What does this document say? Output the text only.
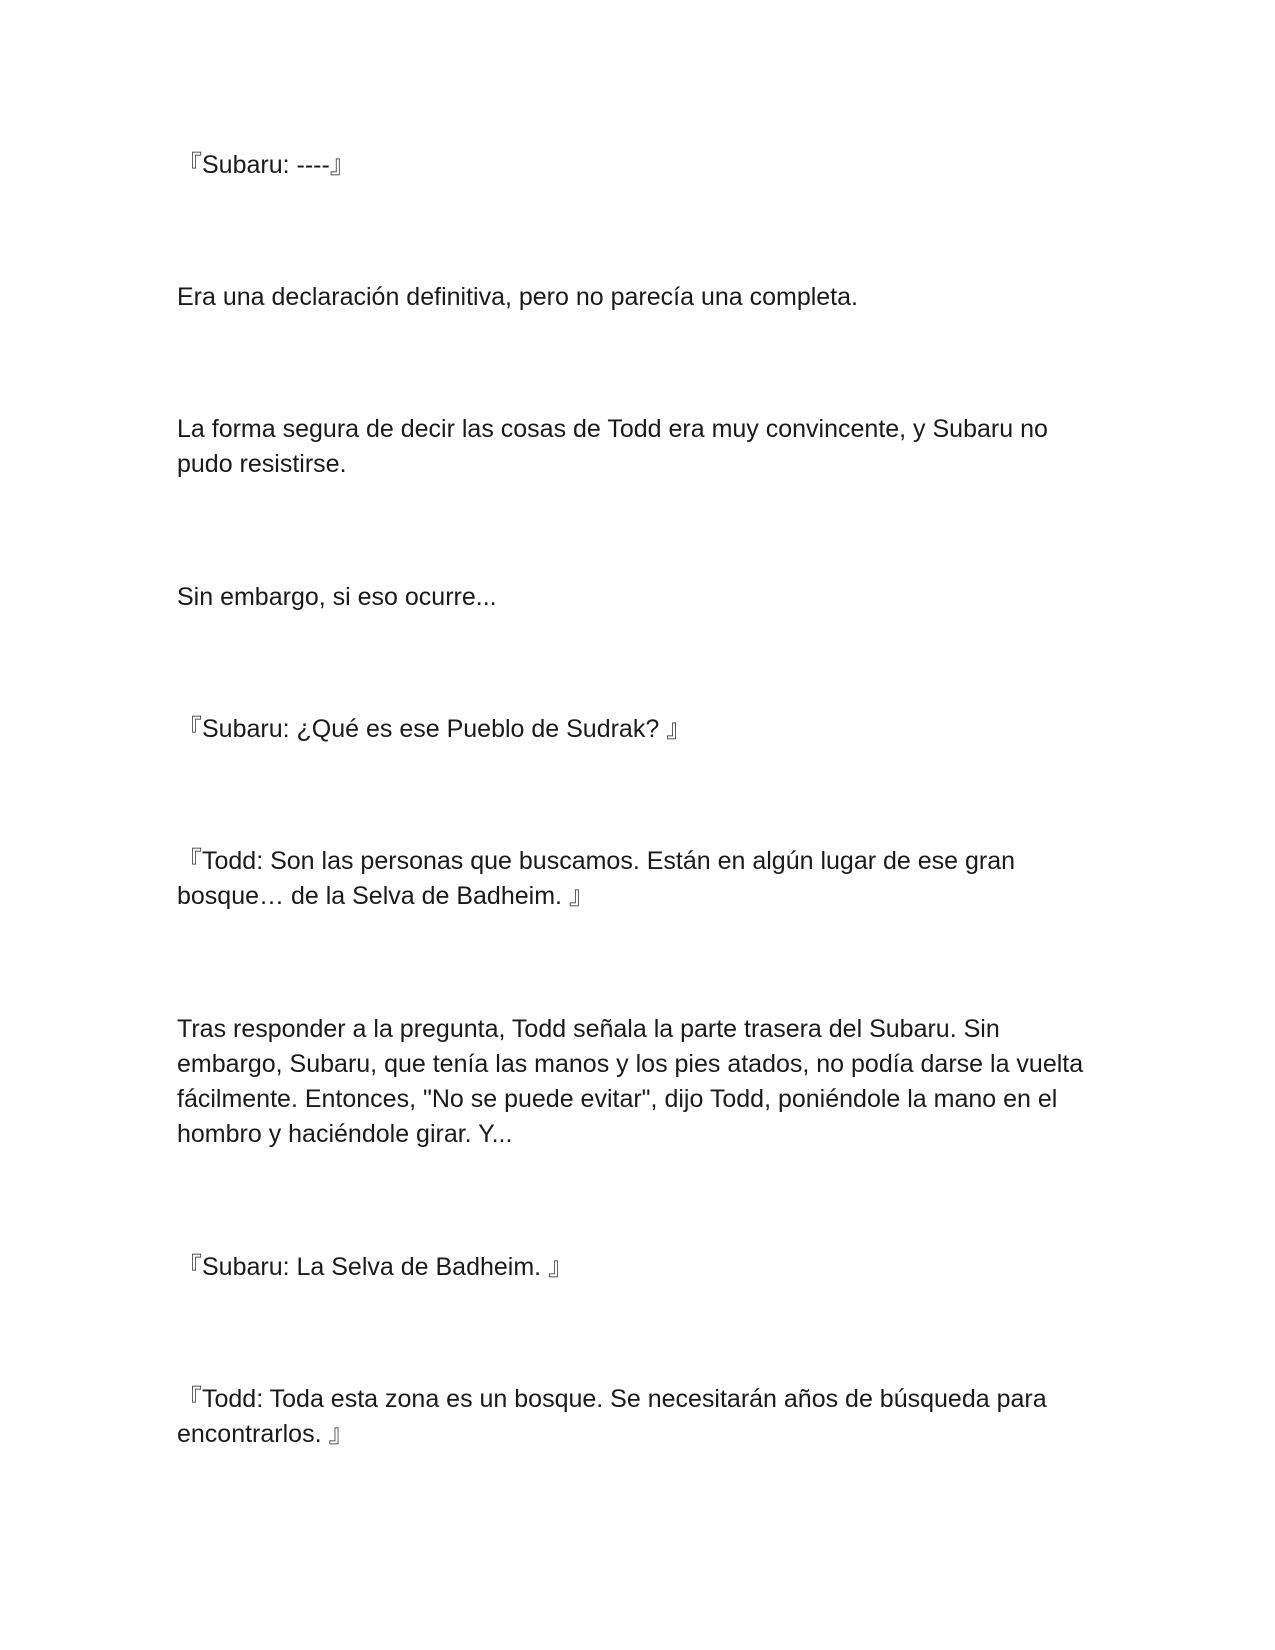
『Subaru: ----』

Era una declaración definitiva, pero no parecía una completa.

La forma segura de decir las cosas de Todd era muy convincente, y Subaru no pudo resistirse.

Sin embargo, si eso ocurre...

『Subaru: ¿Qué es ese Pueblo de Sudrak? 』

『Todd: Son las personas que buscamos. Están en algún lugar de ese gran bosque… de la Selva de Badheim. 』

Tras responder a la pregunta, Todd señala la parte trasera del Subaru. Sin embargo, Subaru, que tenía las manos y los pies atados, no podía darse la vuelta fácilmente. Entonces, "No se puede evitar", dijo Todd, poniéndole la mano en el hombro y haciéndole girar. Y...

『Subaru: La Selva de Badheim. 』

『Todd: Toda esta zona es un bosque. Se necesitarán años de búsqueda para encontrarlos. 』
